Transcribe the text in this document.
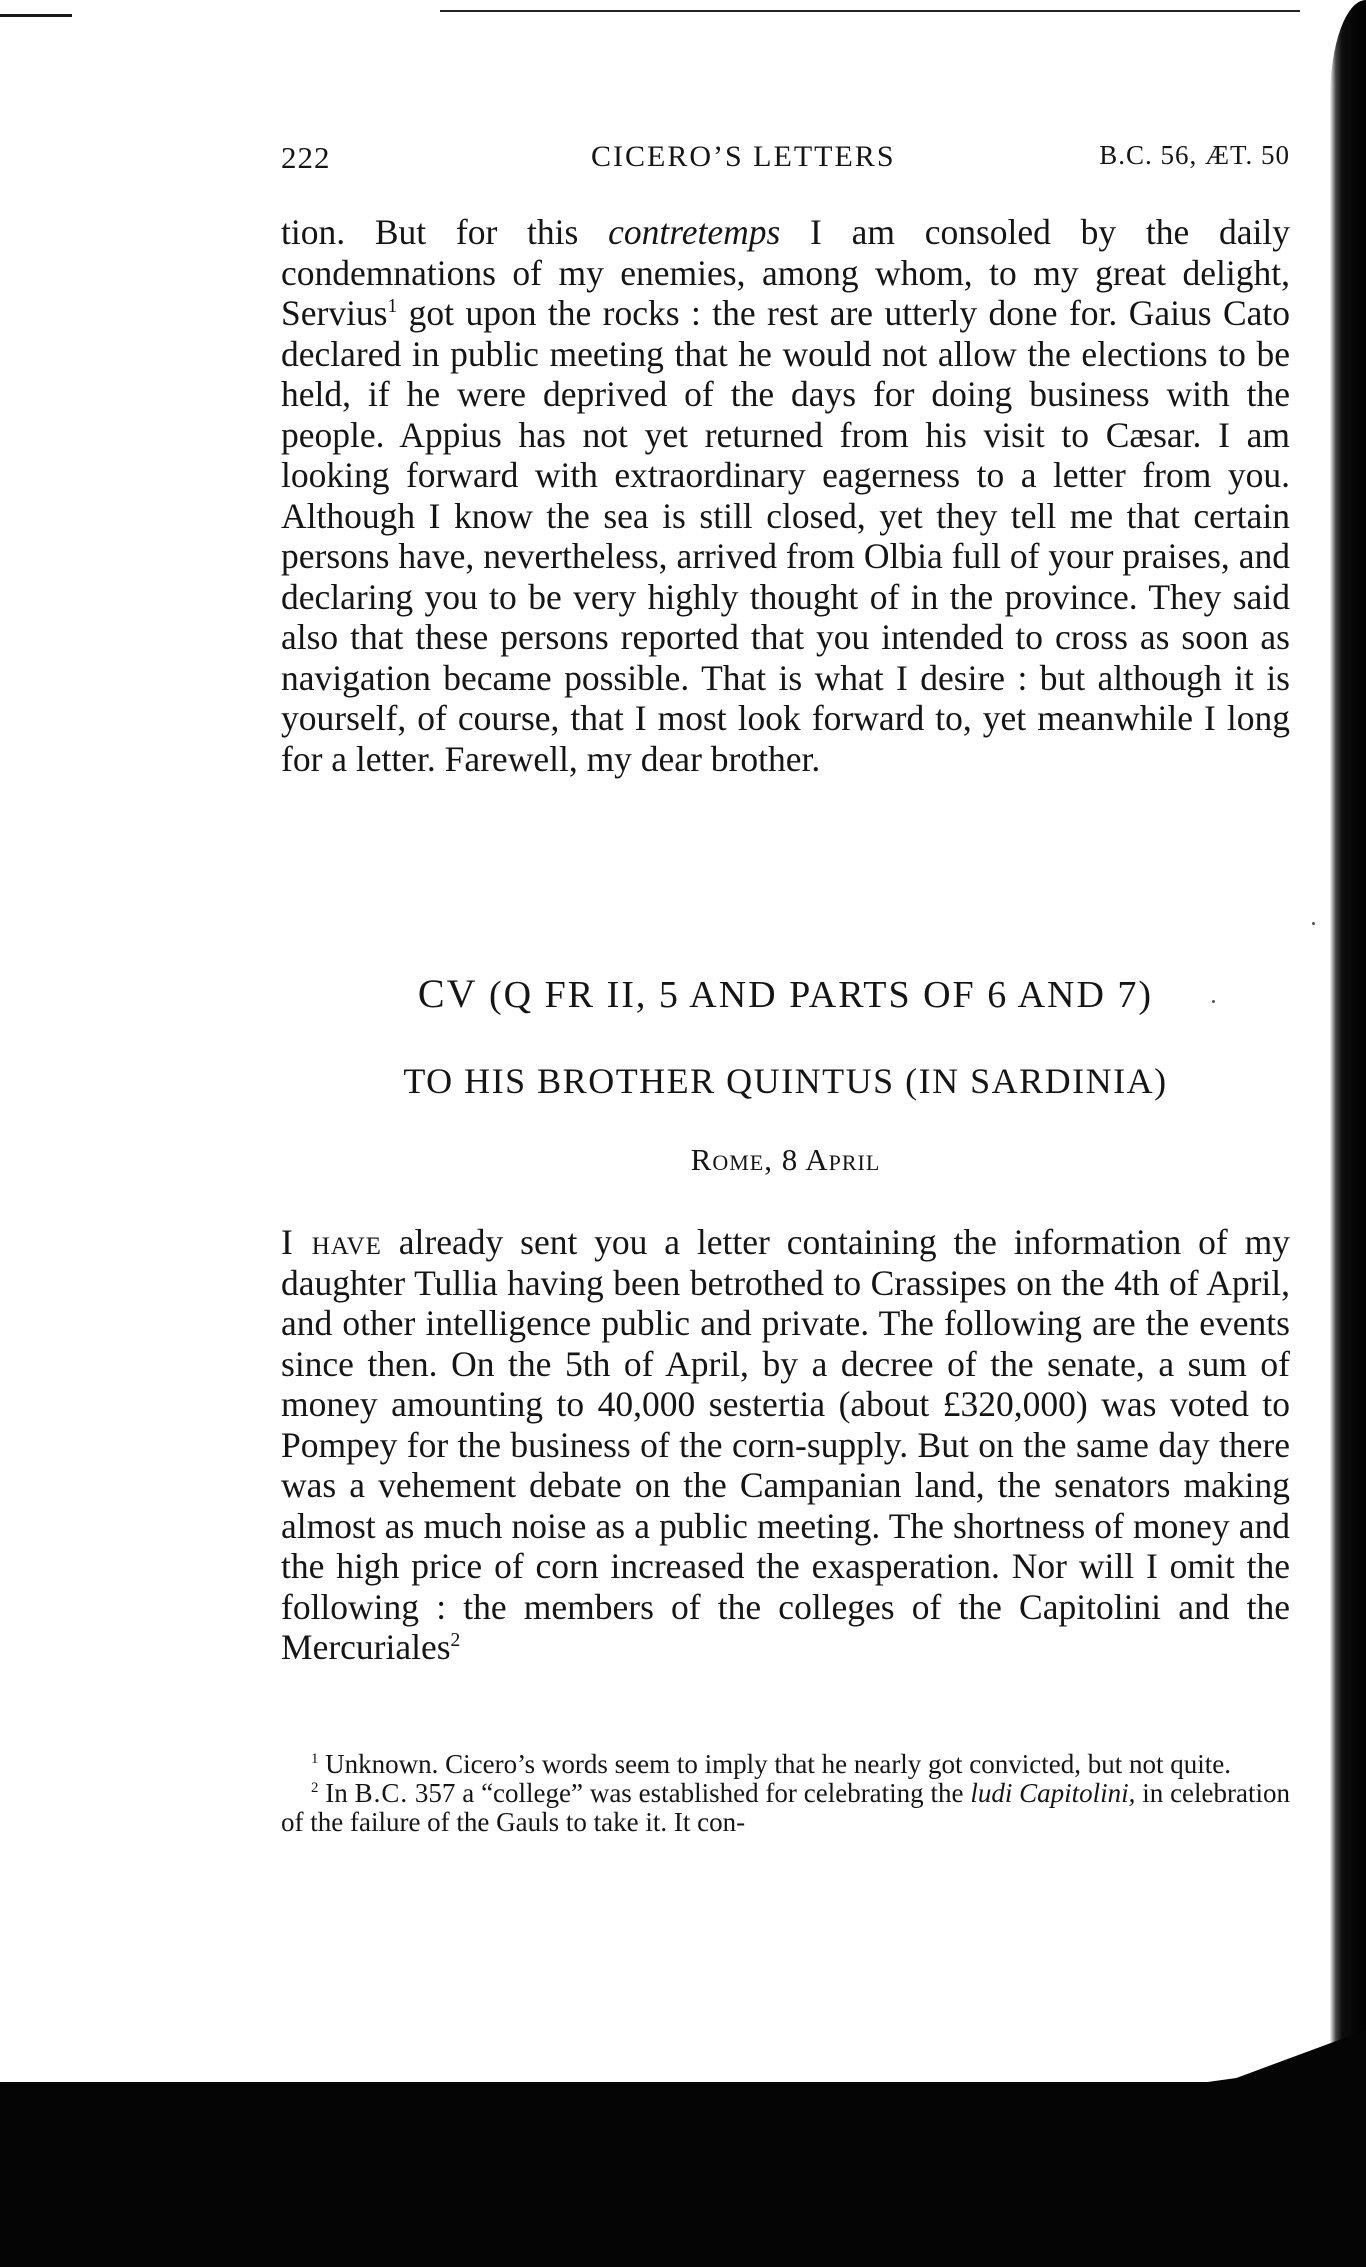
222	CICERO’S LETTERS	B.C. 56, ÆT. 50

tion. But for this contretemps I am consoled by the daily condemnations of my enemies, among whom, to my great delight, Servius$^1$ got upon the rocks : the rest are utterly done for. Gaius Cato declared in public meeting that he would not allow the elections to be held, if he were deprived of the days for doing business with the people. Appius has not yet returned from his visit to Cæsar. I am looking forward with extraordinary eagerness to a letter from you. Although I know the sea is still closed, yet they tell me that certain persons have, nevertheless, arrived from Olbia full of your praises, and declaring you to be very highly thought of in the province. They said also that these persons reported that you intended to cross as soon as navigation became possible. That is what I desire : but although it is yourself, of course, that I most look forward to, yet meanwhile I long for a letter. Farewell, my dear brother.

CV (Q FR II, 5 AND PARTS OF 6 AND 7)
TO HIS BROTHER QUINTUS (IN SARDINIA)
Rome, 8 April

I have already sent you a letter containing the information of my daughter Tullia having been betrothed to Crassipes on the 4th of April, and other intelligence public and private. The following are the events since then. On the 5th of April, by a decree of the senate, a sum of money amounting to 40,000 sestertia (about £320,000) was voted to Pompey for the business of the corn-supply. But on the same day there was a vehement debate on the Campanian land, the senators making almost as much noise as a public meeting. The shortness of money and the high price of corn increased the exasperation. Nor will I omit the following : the members of the colleges of the Capitolini and the Mercuriales$^2$

$^1$ Unknown. Cicero’s words seem to imply that he nearly got convicted, but not quite.

$^2$ In B.C. 357 a “college” was established for celebrating the ludi Capitolini, in celebration of the failure of the Gauls to take it. It con-
